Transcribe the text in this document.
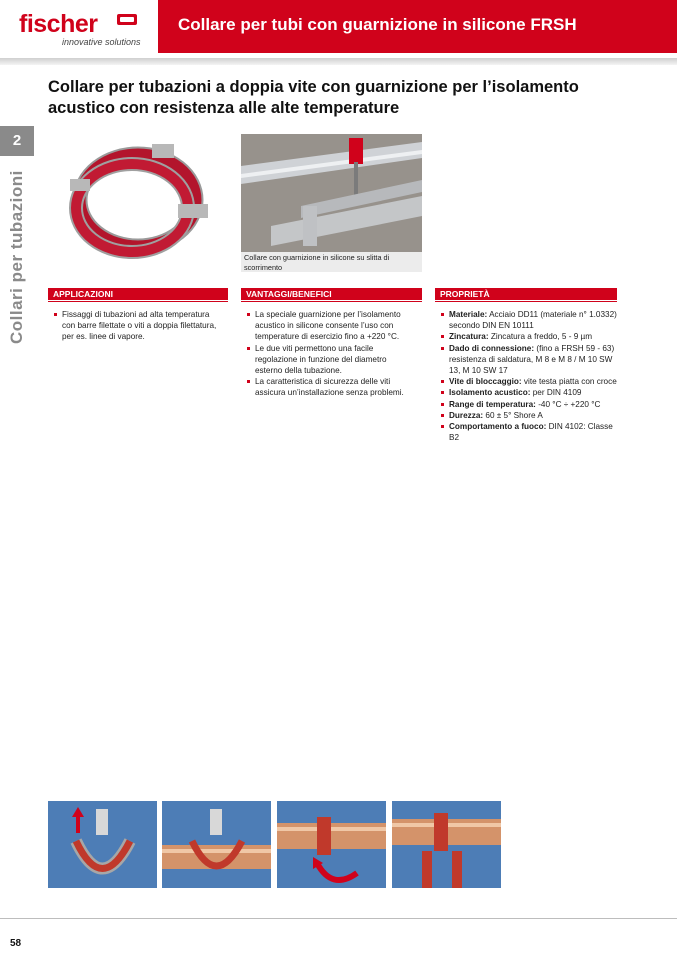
fischer
innovative solutions
Collare per tubi con guarnizione in silicone FRSH
2
Collari per tubazioni
Collare per tubazioni a doppia vite con guarnizione per l’isolamento acustico con resistenza alle alte temperature
Collare con guarnizione in silicone su slitta di scorrimento
APPLICAZIONI
Fissaggi di tubazioni ad alta temperatura con barre filettate o viti a doppia filettatura, per es. linee di vapore.
VANTAGGI/BENEFICI
La speciale guarnizione per l’isolamento acustico in silicone consente l’uso con temperature di esercizio fino a +220 °C.
Le due viti permettono una facile regolazione in funzione del diametro esterno della tubazione.
La caratteristica di sicurezza delle viti assicura un’installazione senza problemi.
PROPRIETÀ
Materiale: Acciaio DD11 (materiale n° 1.0332) secondo DIN EN 10111
Zincatura: Zincatura a freddo, 5 - 9 µm
Dado di connessione: (fino a FRSH 59 - 63) resistenza di saldatura, M 8 e M 8 / M 10 SW 13, M 10 SW 17
Vite di bloccaggio: vite testa piatta con croce
Isolamento acustico: per DIN 4109
Range di temperatura: -40 °C ÷ +220 °C
Durezza: 60 ± 5° Shore A
Comportamento a fuoco: DIN 4102: Classe B2
58
